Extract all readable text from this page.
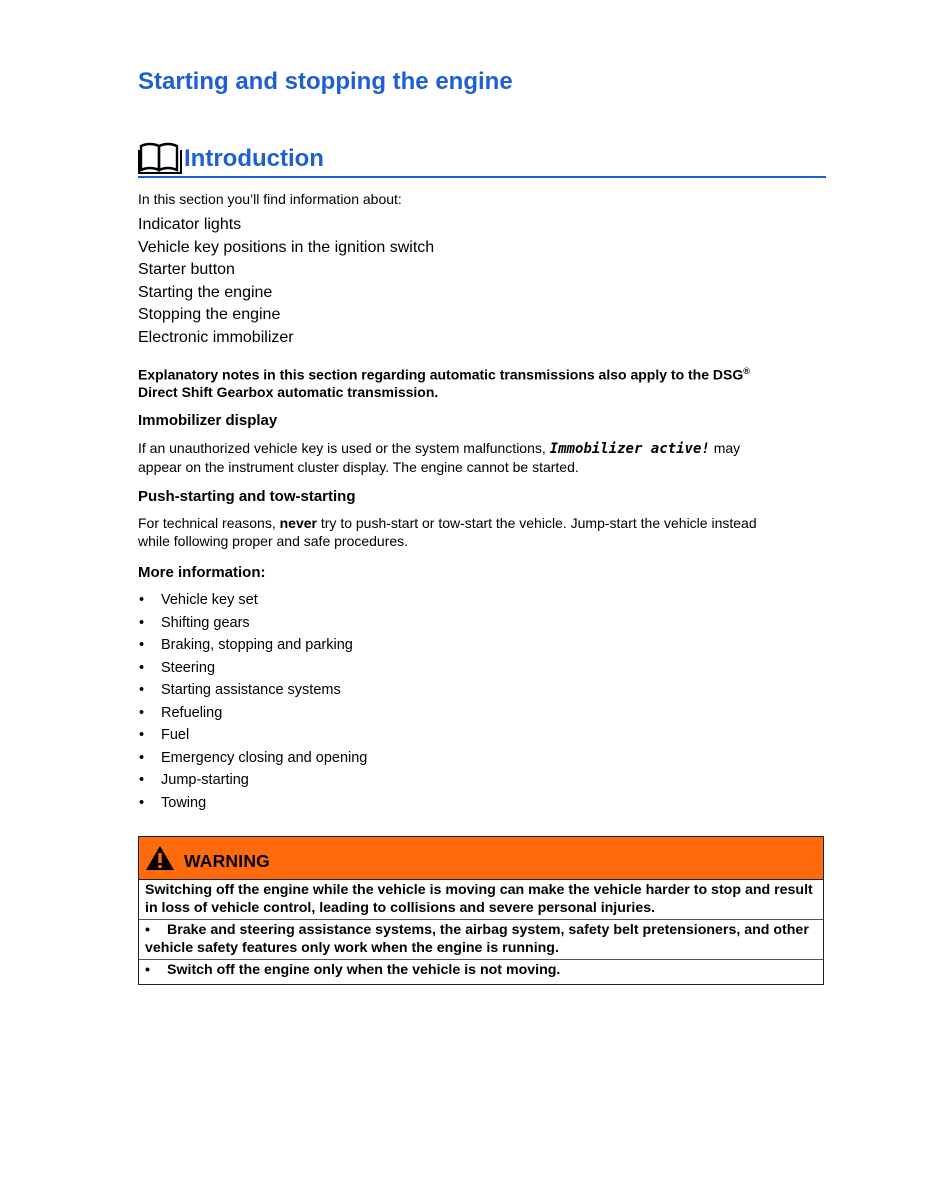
Starting and stopping the engine
Introduction
In this section you’ll find information about:
Indicator lights
Vehicle key positions in the ignition switch
Starter button
Starting the engine
Stopping the engine
Electronic immobilizer
Explanatory notes in this section regarding automatic transmissions also apply to the DSG®
Direct Shift Gearbox automatic transmission.
Immobilizer display
If an unauthorized vehicle key is used or the system malfunctions, Immobilizer active! may
appear on the instrument cluster display. The engine cannot be started.
Push-starting and tow-starting
For technical reasons, never try to push-start or tow-start the vehicle. Jump-start the vehicle instead
while following proper and safe procedures.
More information:
• Vehicle key set
• Shifting gears
• Braking, stopping and parking
• Steering
• Starting assistance systems
• Refueling
• Fuel
• Emergency closing and opening
• Jump-starting
• Towing
WARNING
Switching off the engine while the vehicle is moving can make the vehicle harder to stop and result in loss of vehicle control, leading to collisions and severe personal injuries.
• Brake and steering assistance systems, the airbag system, safety belt pretensioners, and other vehicle safety features only work when the engine is running.
• Switch off the engine only when the vehicle is not moving.
